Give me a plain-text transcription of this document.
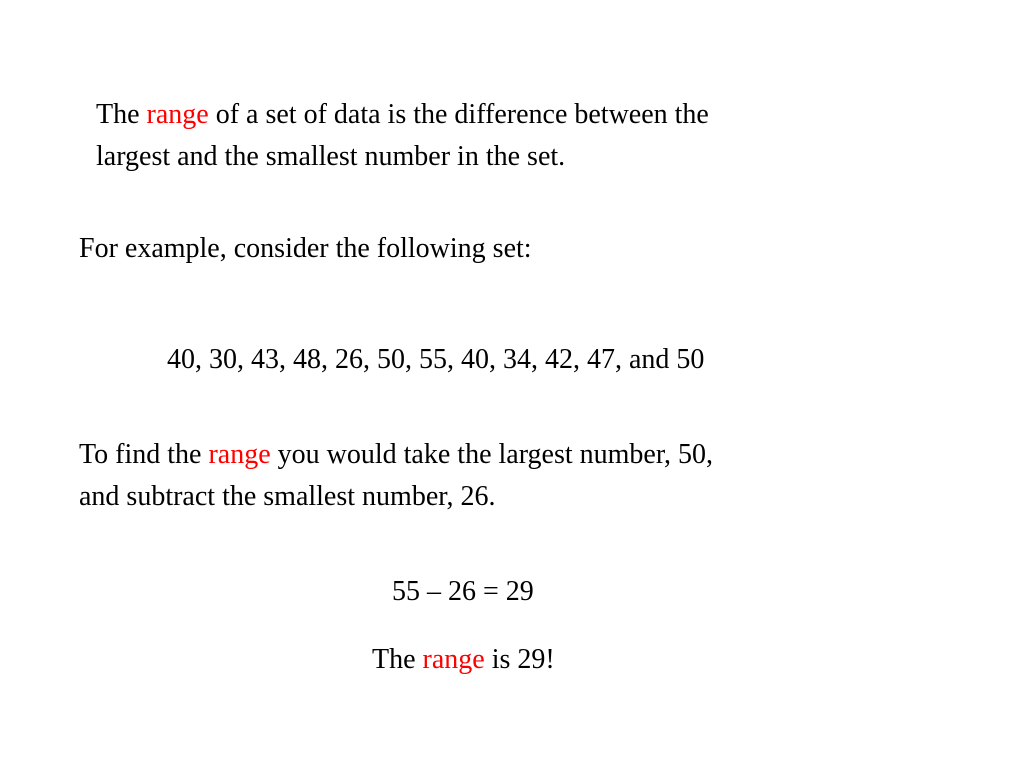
The range of a set of data is the difference between the
largest and the smallest number in the set.

For example, consider the following set:

40, 30, 43, 48, 26, 50, 55, 40, 34, 42, 47, and 50

To find the range you would take the largest number, 50,
and subtract the smallest number, 26.

55 – 26 = 29

The range is 29!
